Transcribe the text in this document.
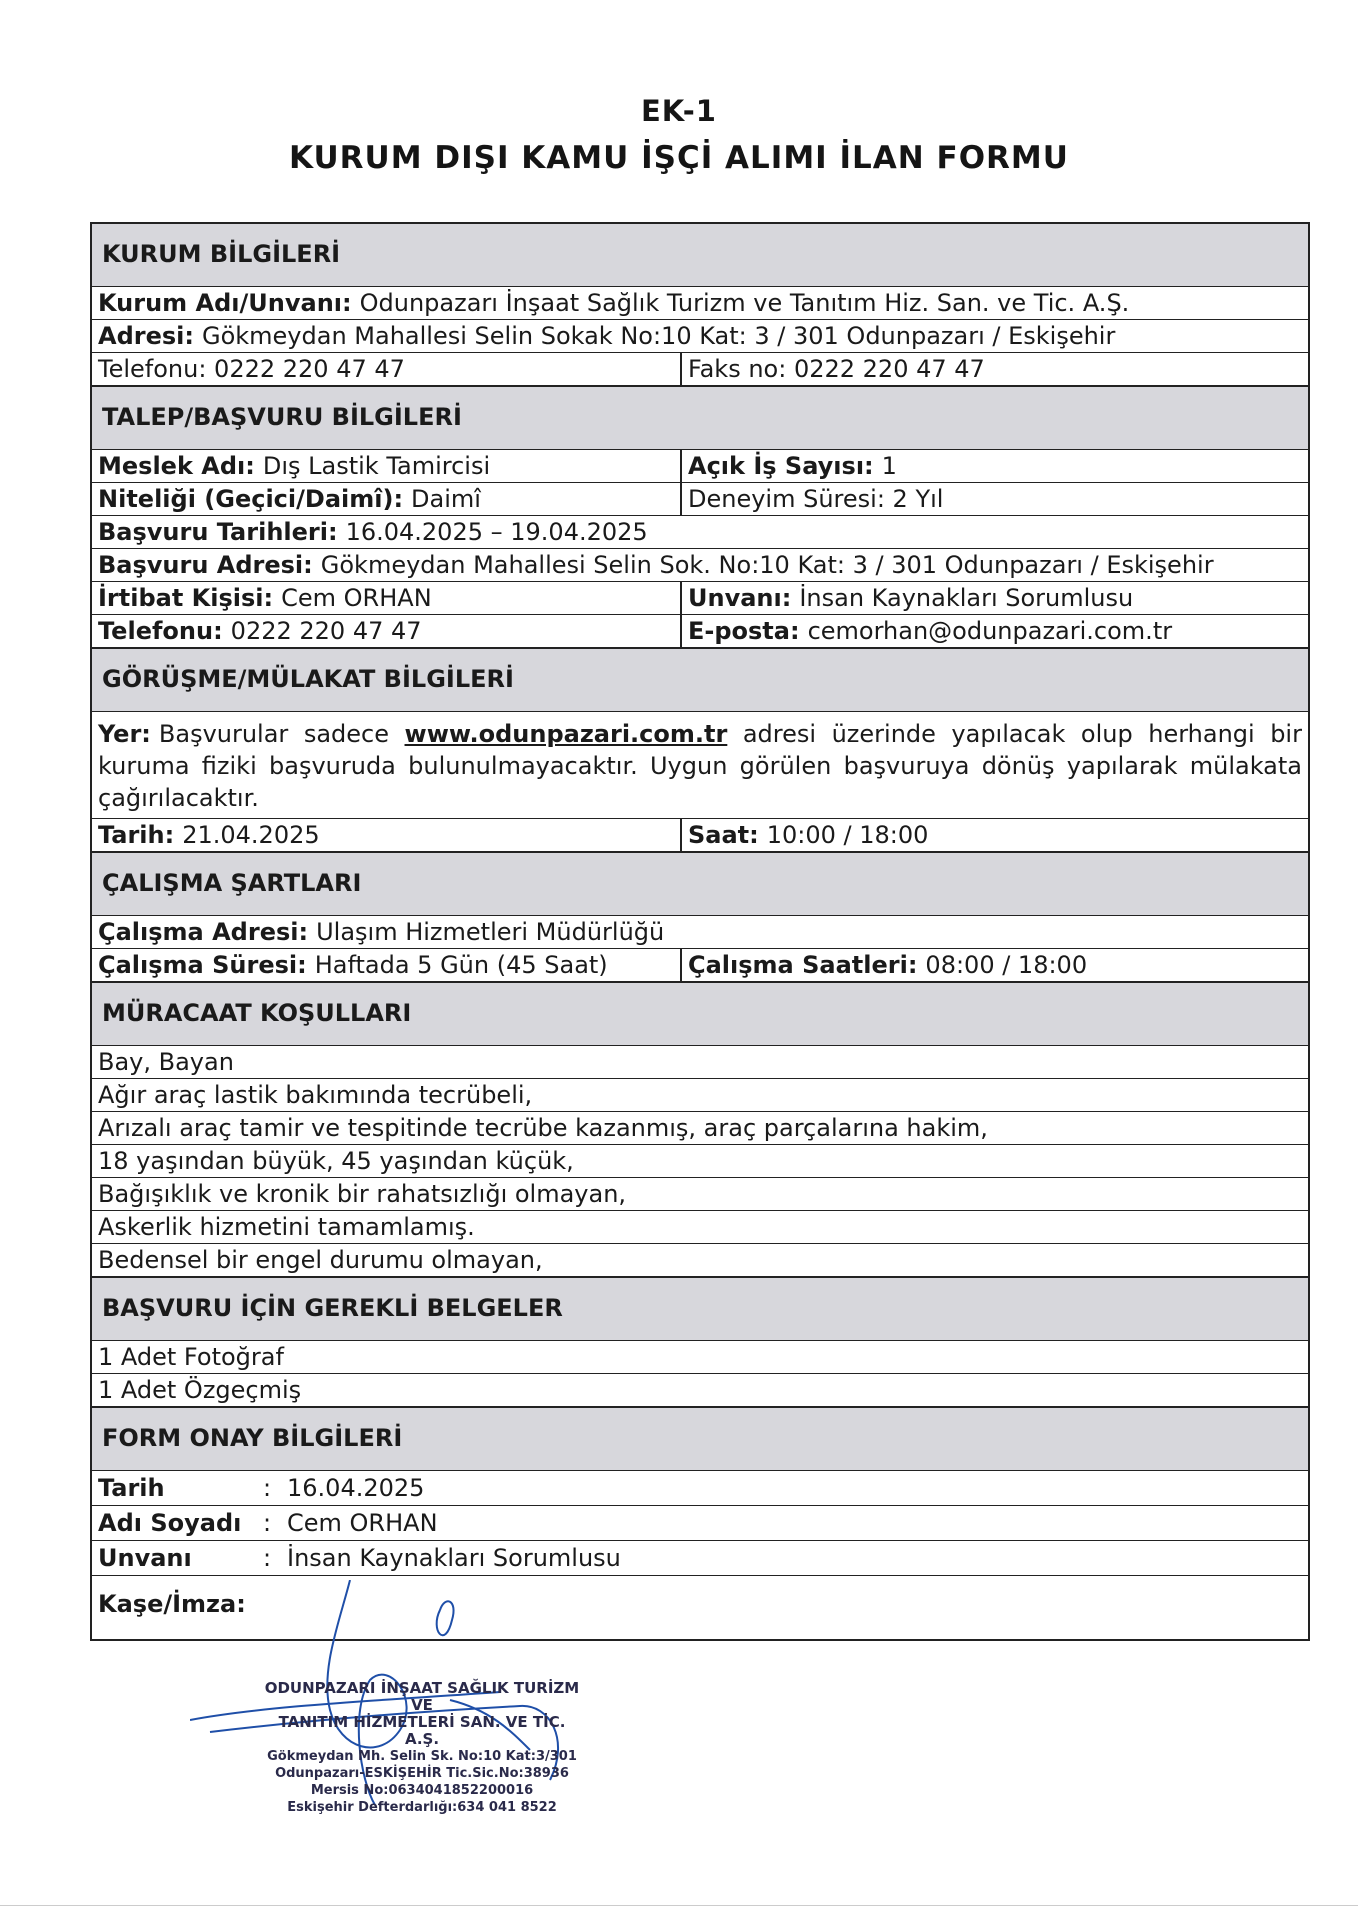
EK-1
KURUM DIŞI KAMU İŞÇİ ALIMI İLAN FORMU
KURUM BİLGİLERİ
Kurum Adı/Unvanı: Odunpazarı İnşaat Sağlık Turizm ve Tanıtım Hiz. San. ve Tic. A.Ş.
Adresi: Gökmeydan Mahallesi Selin Sokak No:10 Kat: 3 / 301 Odunpazarı / Eskişehir
Telefonu: 0222 220 47 47	Faks no: 0222 220 47 47
TALEP/BAŞVURU BİLGİLERİ
Meslek Adı: Dış Lastik Tamircisi	Açık İş Sayısı: 1
Niteliği (Geçici/Daimî): Daimî	Deneyim Süresi: 2 Yıl
Başvuru Tarihleri: 16.04.2025 – 19.04.2025
Başvuru Adresi: Gökmeydan Mahallesi Selin Sok. No:10 Kat: 3 / 301 Odunpazarı / Eskişehir
İrtibat Kişisi: Cem ORHAN	Unvanı: İnsan Kaynakları Sorumlusu
Telefonu: 0222 220 47 47	E-posta: cemorhan@odunpazari.com.tr
GÖRÜŞME/MÜLAKAT BİLGİLERİ
Yer: Başvurular sadece www.odunpazari.com.tr adresi üzerinde yapılacak olup herhangi bir kuruma fiziki başvuruda bulunulmayacaktır. Uygun görülen başvuruya dönüş yapılarak mülakata çağırılacaktır.
Tarih: 21.04.2025	Saat: 10:00 / 18:00
ÇALIŞMA ŞARTLARI
Çalışma Adresi: Ulaşım Hizmetleri Müdürlüğü
Çalışma Süresi: Haftada 5 Gün (45 Saat)	Çalışma Saatleri: 08:00 / 18:00
MÜRACAAT KOŞULLARI
Bay, Bayan
Ağır araç lastik bakımında tecrübeli,
Arızalı araç tamir ve tespitinde tecrübe kazanmış, araç parçalarına hakim,
18 yaşından büyük, 45 yaşından küçük,
Bağışıklık ve kronik bir rahatsızlığı olmayan,
Askerlik hizmetini tamamlamış.
Bedensel bir engel durumu olmayan,
BAŞVURU İÇİN GEREKLİ BELGELER
1 Adet Fotoğraf
1 Adet Özgeçmiş
FORM ONAY BİLGİLERİ
Tarih	: 16.04.2025
Adı Soyadı : Cem ORHAN
Unvanı	: İnsan Kaynakları Sorumlusu
Kaşe/İmza:
ODUNPAZARI İNŞAAT SAĞLIK TURİZM VE
TANITIM HİZMETLERİ SAN. VE TİC. A.Ş.
Gökmeydan Mh. Selin Sk. No:10 Kat:3/301
Odunpazarı-ESKİŞEHİR Tic.Sic.No:38936
Mersis No:0634041852200016
Eskişehir Defterdarlığı:634 041 8522
